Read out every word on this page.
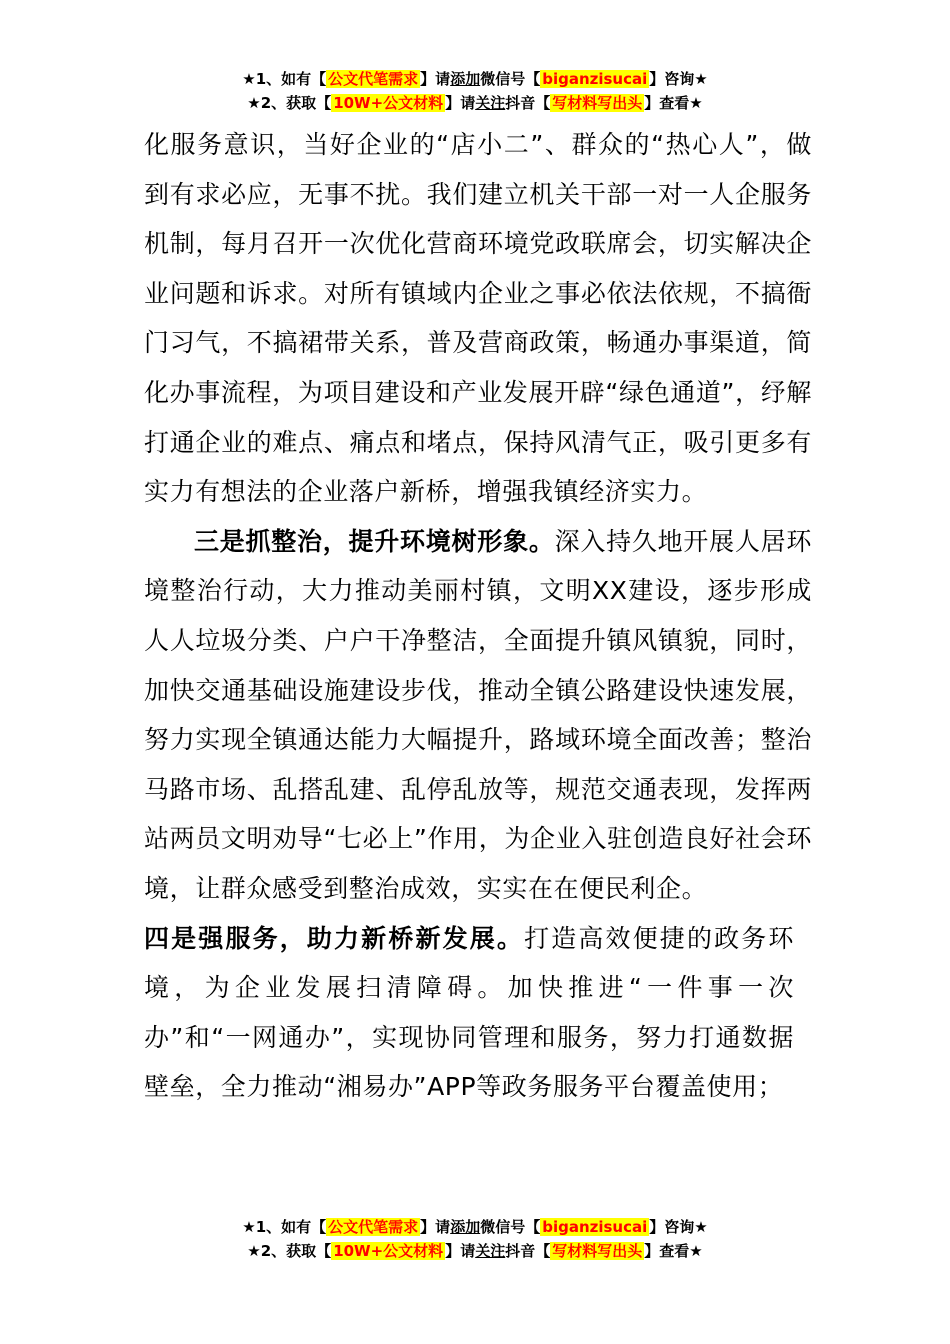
★1、如有【 公文代笔需求 】请添加微信号【 biganzisucai 】咨询★
★2、获取【 10W+公文材料 】请关注抖音【 写材料写出头 】查看★

化服务意识，当好企业的“店小二”、群众的“热心人”，做到有求必应，无事不扰。我们建立机关干部一对一人企服务机制，每月召开一次优化营商环境党政联席会，切实解决企业问题和诉求。对所有镇域内企业之事必依法依规，不搞衙门习气，不搞裙带关系，普及营商政策，畅通办事渠道，简化办事流程，为项目建设和产业发展开辟“绿色通道”，纾解打通企业的难点、痛点和堵点，保持风清气正，吸引更多有实力有想法的企业落户新桥，增强我镇经济实力。

三是抓整治，提升环境树形象。深入持久地开展人居环境整治行动，大力推动美丽村镇，文明XX建设，逐步形成人人垃圾分类、户户干净整洁，全面提升镇风镇貌，同时，加快交通基础设施建设步伐，推动全镇公路建设快速发展，努力实现全镇通达能力大幅提升，路域环境全面改善；整治马路市场、乱搭乱建、乱停乱放等，规范交通表现，发挥两站两员文明劝导“七必上”作用，为企业入驻创造良好社会环境，让群众感受到整治成效，实实在在便民利企。

四是强服务，助力新桥新发展。打造高效便捷的政务环境，为企业发展扫清障碍。加快推进“一件事一次办”和“一网通办”，实现协同管理和服务，努力打通数据壁垒，全力推动“湘易办”APP等政务服务平台覆盖使用；

★1、如有【 公文代笔需求 】请添加微信号【 biganzisucai 】咨询★
★2、获取【 10W+公文材料 】请关注抖音【 写材料写出头 】查看★
